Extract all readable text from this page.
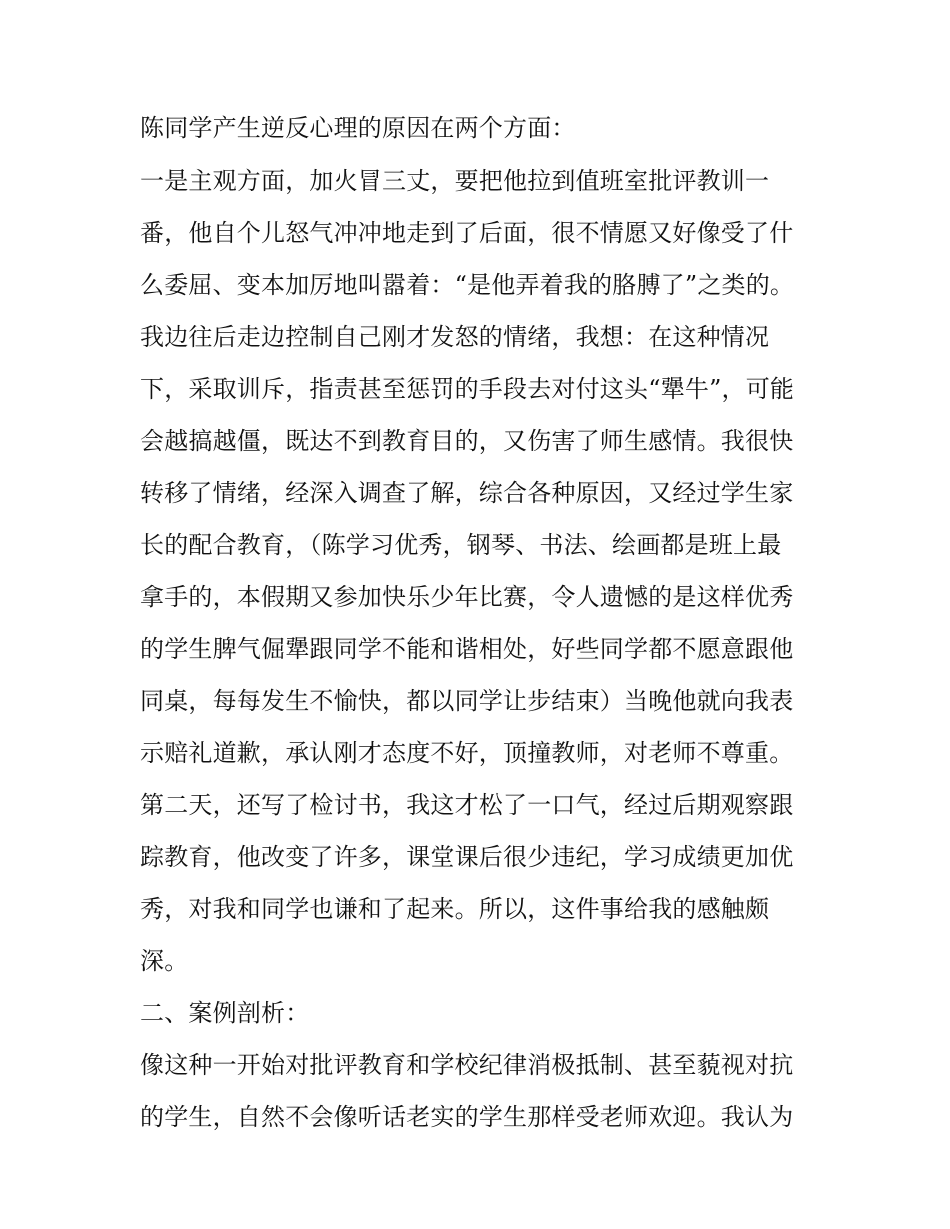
陈同学产生逆反心理的原因在两个方面：

一是主观方面，加火冒三丈，要把他拉到值班室批评教训一

番，他自个儿怒气冲冲地走到了后面，很不情愿又好像受了什

么委屈、变本加厉地叫嚣着：“是他弄着我的胳膊了”之类的。

我边往后走边控制自己刚才发怒的情绪，我想：在这种情况

下，采取训斥，指责甚至惩罚的手段去对付这头“犟牛”，可能

会越搞越僵，既达不到教育目的，又伤害了师生感情。我很快

转移了情绪，经深入调查了解，综合各种原因，又经过学生家

长的配合教育，（陈学习优秀，钢琴、书法、绘画都是班上最

拿手的，本假期又参加快乐少年比赛，令人遗憾的是这样优秀

的学生脾气倔犟跟同学不能和谐相处，好些同学都不愿意跟他

同桌，每每发生不愉快，都以同学让步结束）当晚他就向我表

示赔礼道歉，承认刚才态度不好，顶撞教师，对老师不尊重。

第二天，还写了检讨书，我这才松了一口气，经过后期观察跟

踪教育，他改变了许多，课堂课后很少违纪，学习成绩更加优

秀，对我和同学也谦和了起来。所以，这件事给我的感触颇

深。

二、案例剖析：

像这种一开始对批评教育和学校纪律消极抵制、甚至藐视对抗

的学生，自然不会像听话老实的学生那样受老师欢迎。我认为
